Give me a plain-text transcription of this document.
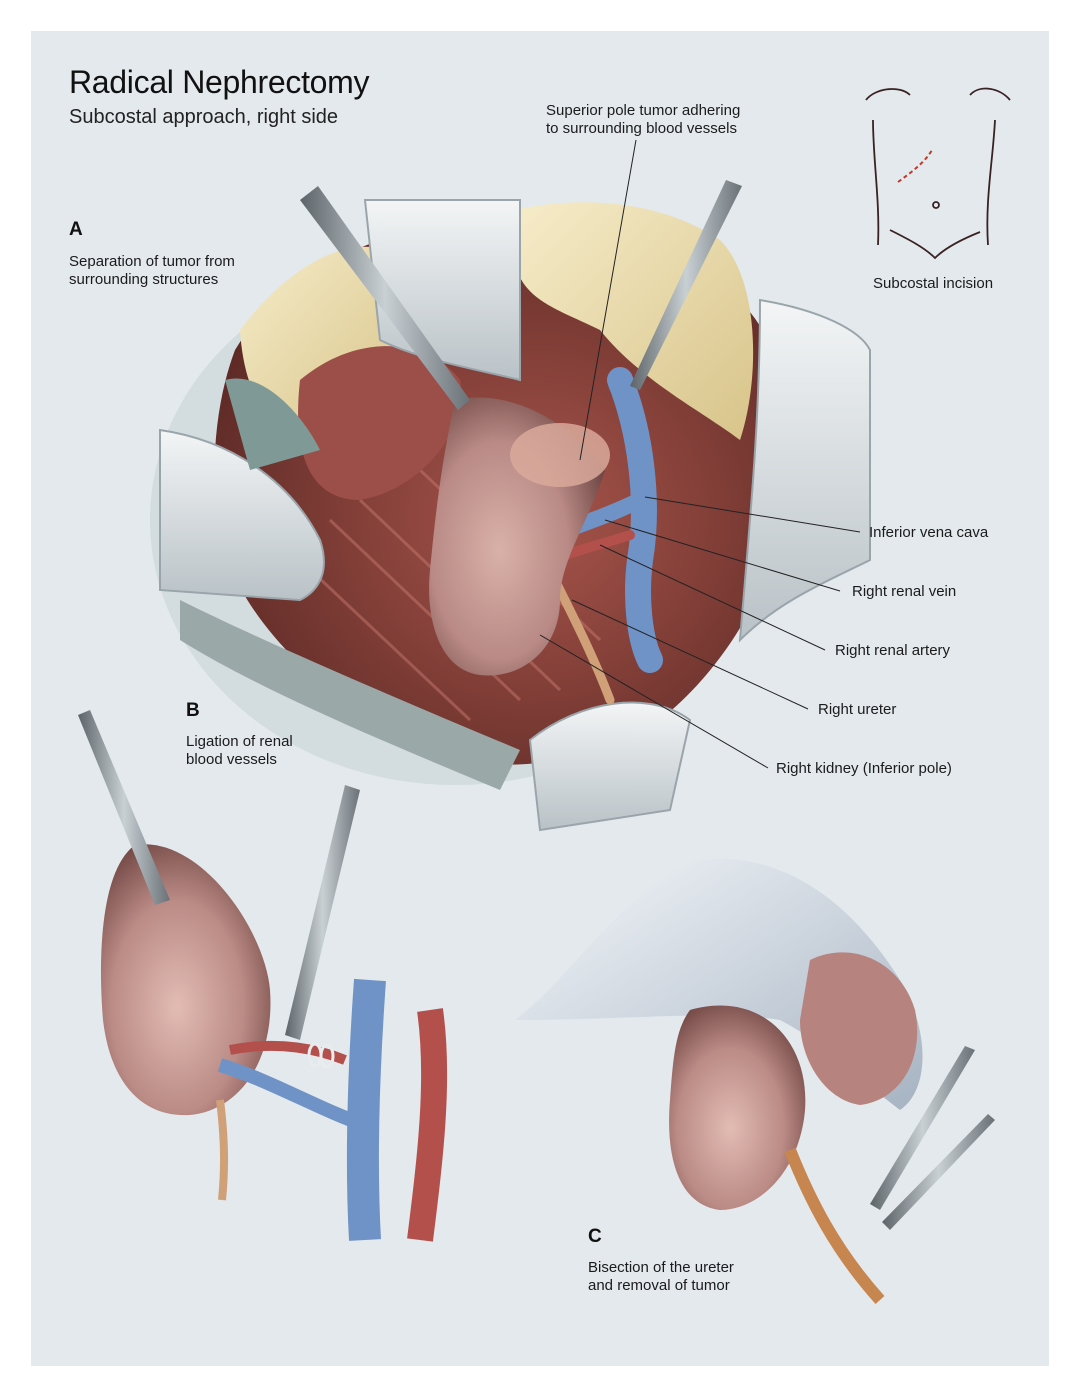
Radical Nephrectomy
Subcostal approach, right side
Subcostal incision
A
Separation of tumor from
surrounding structures
B
Ligation of renal
blood vessels
C
Bisection of the ureter
and removal of tumor
Superior pole tumor adhering
to surrounding blood vessels
Inferior vena cava
Right renal vein
Right renal artery
Right ureter
Right kidney (Inferior pole)
